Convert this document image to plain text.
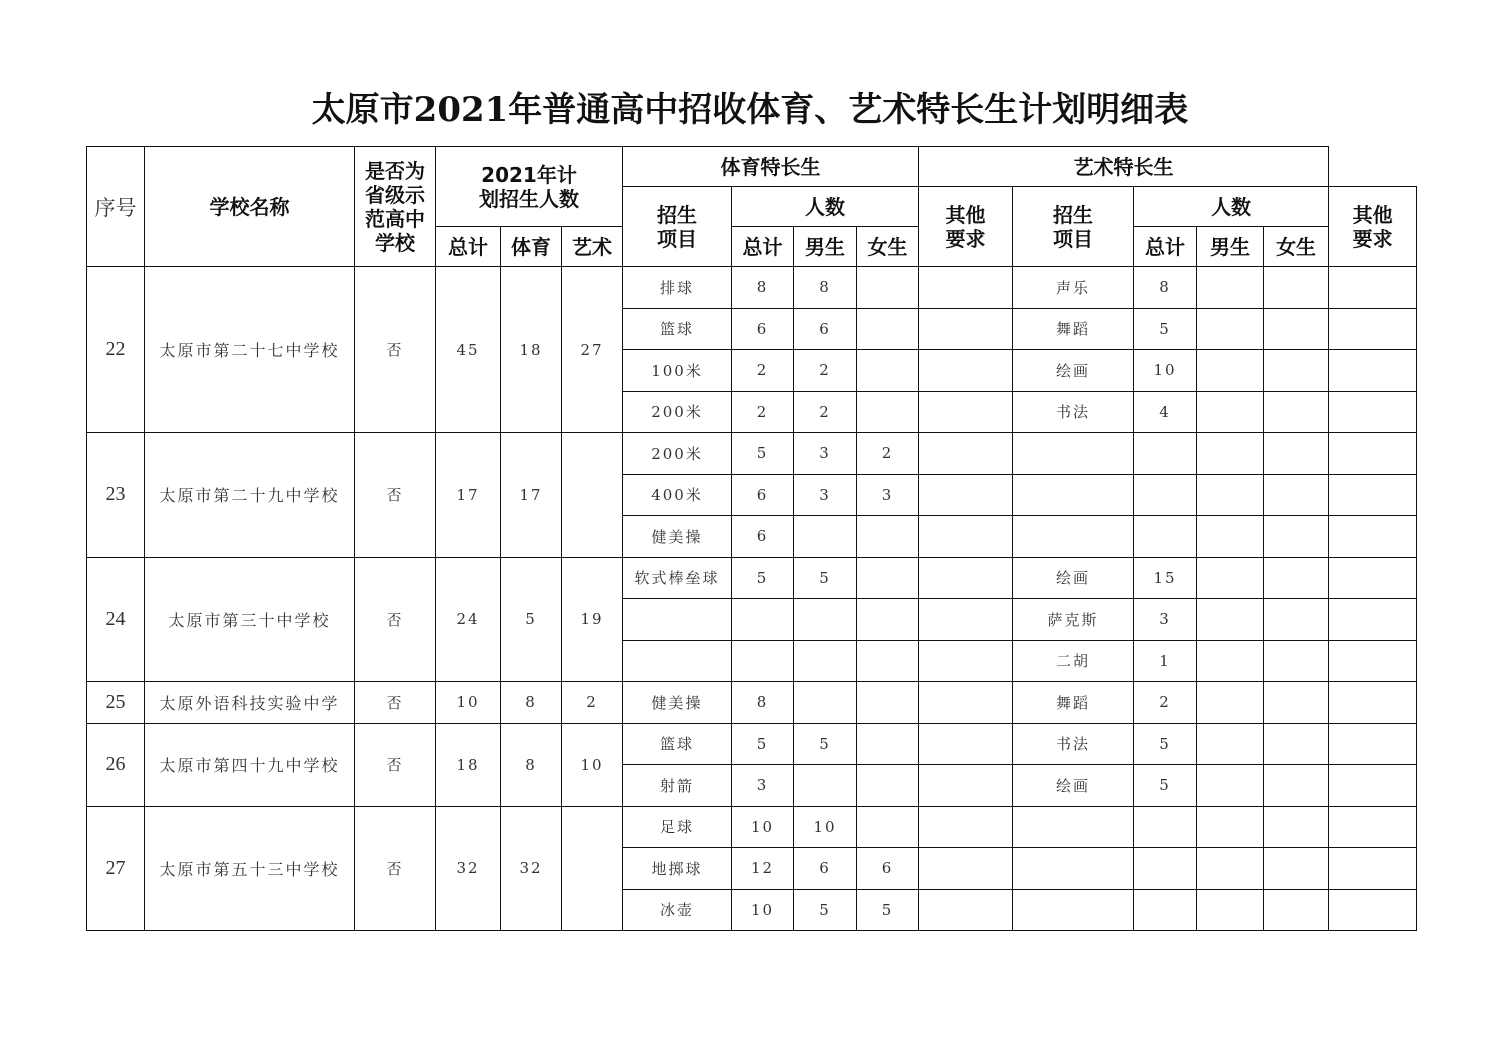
太原市2021年普通高中招收体育、艺术特长生计划明细表
序号	学校名称	是否为省级示范高中学校	2021年计划招生人数			体育特长生				艺术特长生					

						招生项目	人数			其他要求	招生项目	人数			其他要求

			总计	体育	艺术		总计	男生	女生			总计	男生	女生	
22	太原市第二十七中学校	否	45	18	27	排球	8	8			声乐	8			
						篮球	6	6			舞蹈	5			
						100米	2	2			绘画	10			
						200米	2	2			书法	4			
23	太原市第二十九中学校	否	17	17		200米	5	3	2						
						400米	6	3	3						
						健美操	6								
24	太原市第三十中学校	否	24	5	19	软式棒垒球	5	5			绘画	15			
											萨克斯	3			
											二胡	1			
25	太原外语科技实验中学	否	10	8	2	健美操	8				舞蹈	2			
26	太原市第四十九中学校	否	18	8	10	篮球	5	5			书法	5			
						射箭	3				绘画	5			
27	太原市第五十三中学校	否	32	32		足球	10	10							
						地掷球	12	6	6						
						冰壶	10	5	5						
